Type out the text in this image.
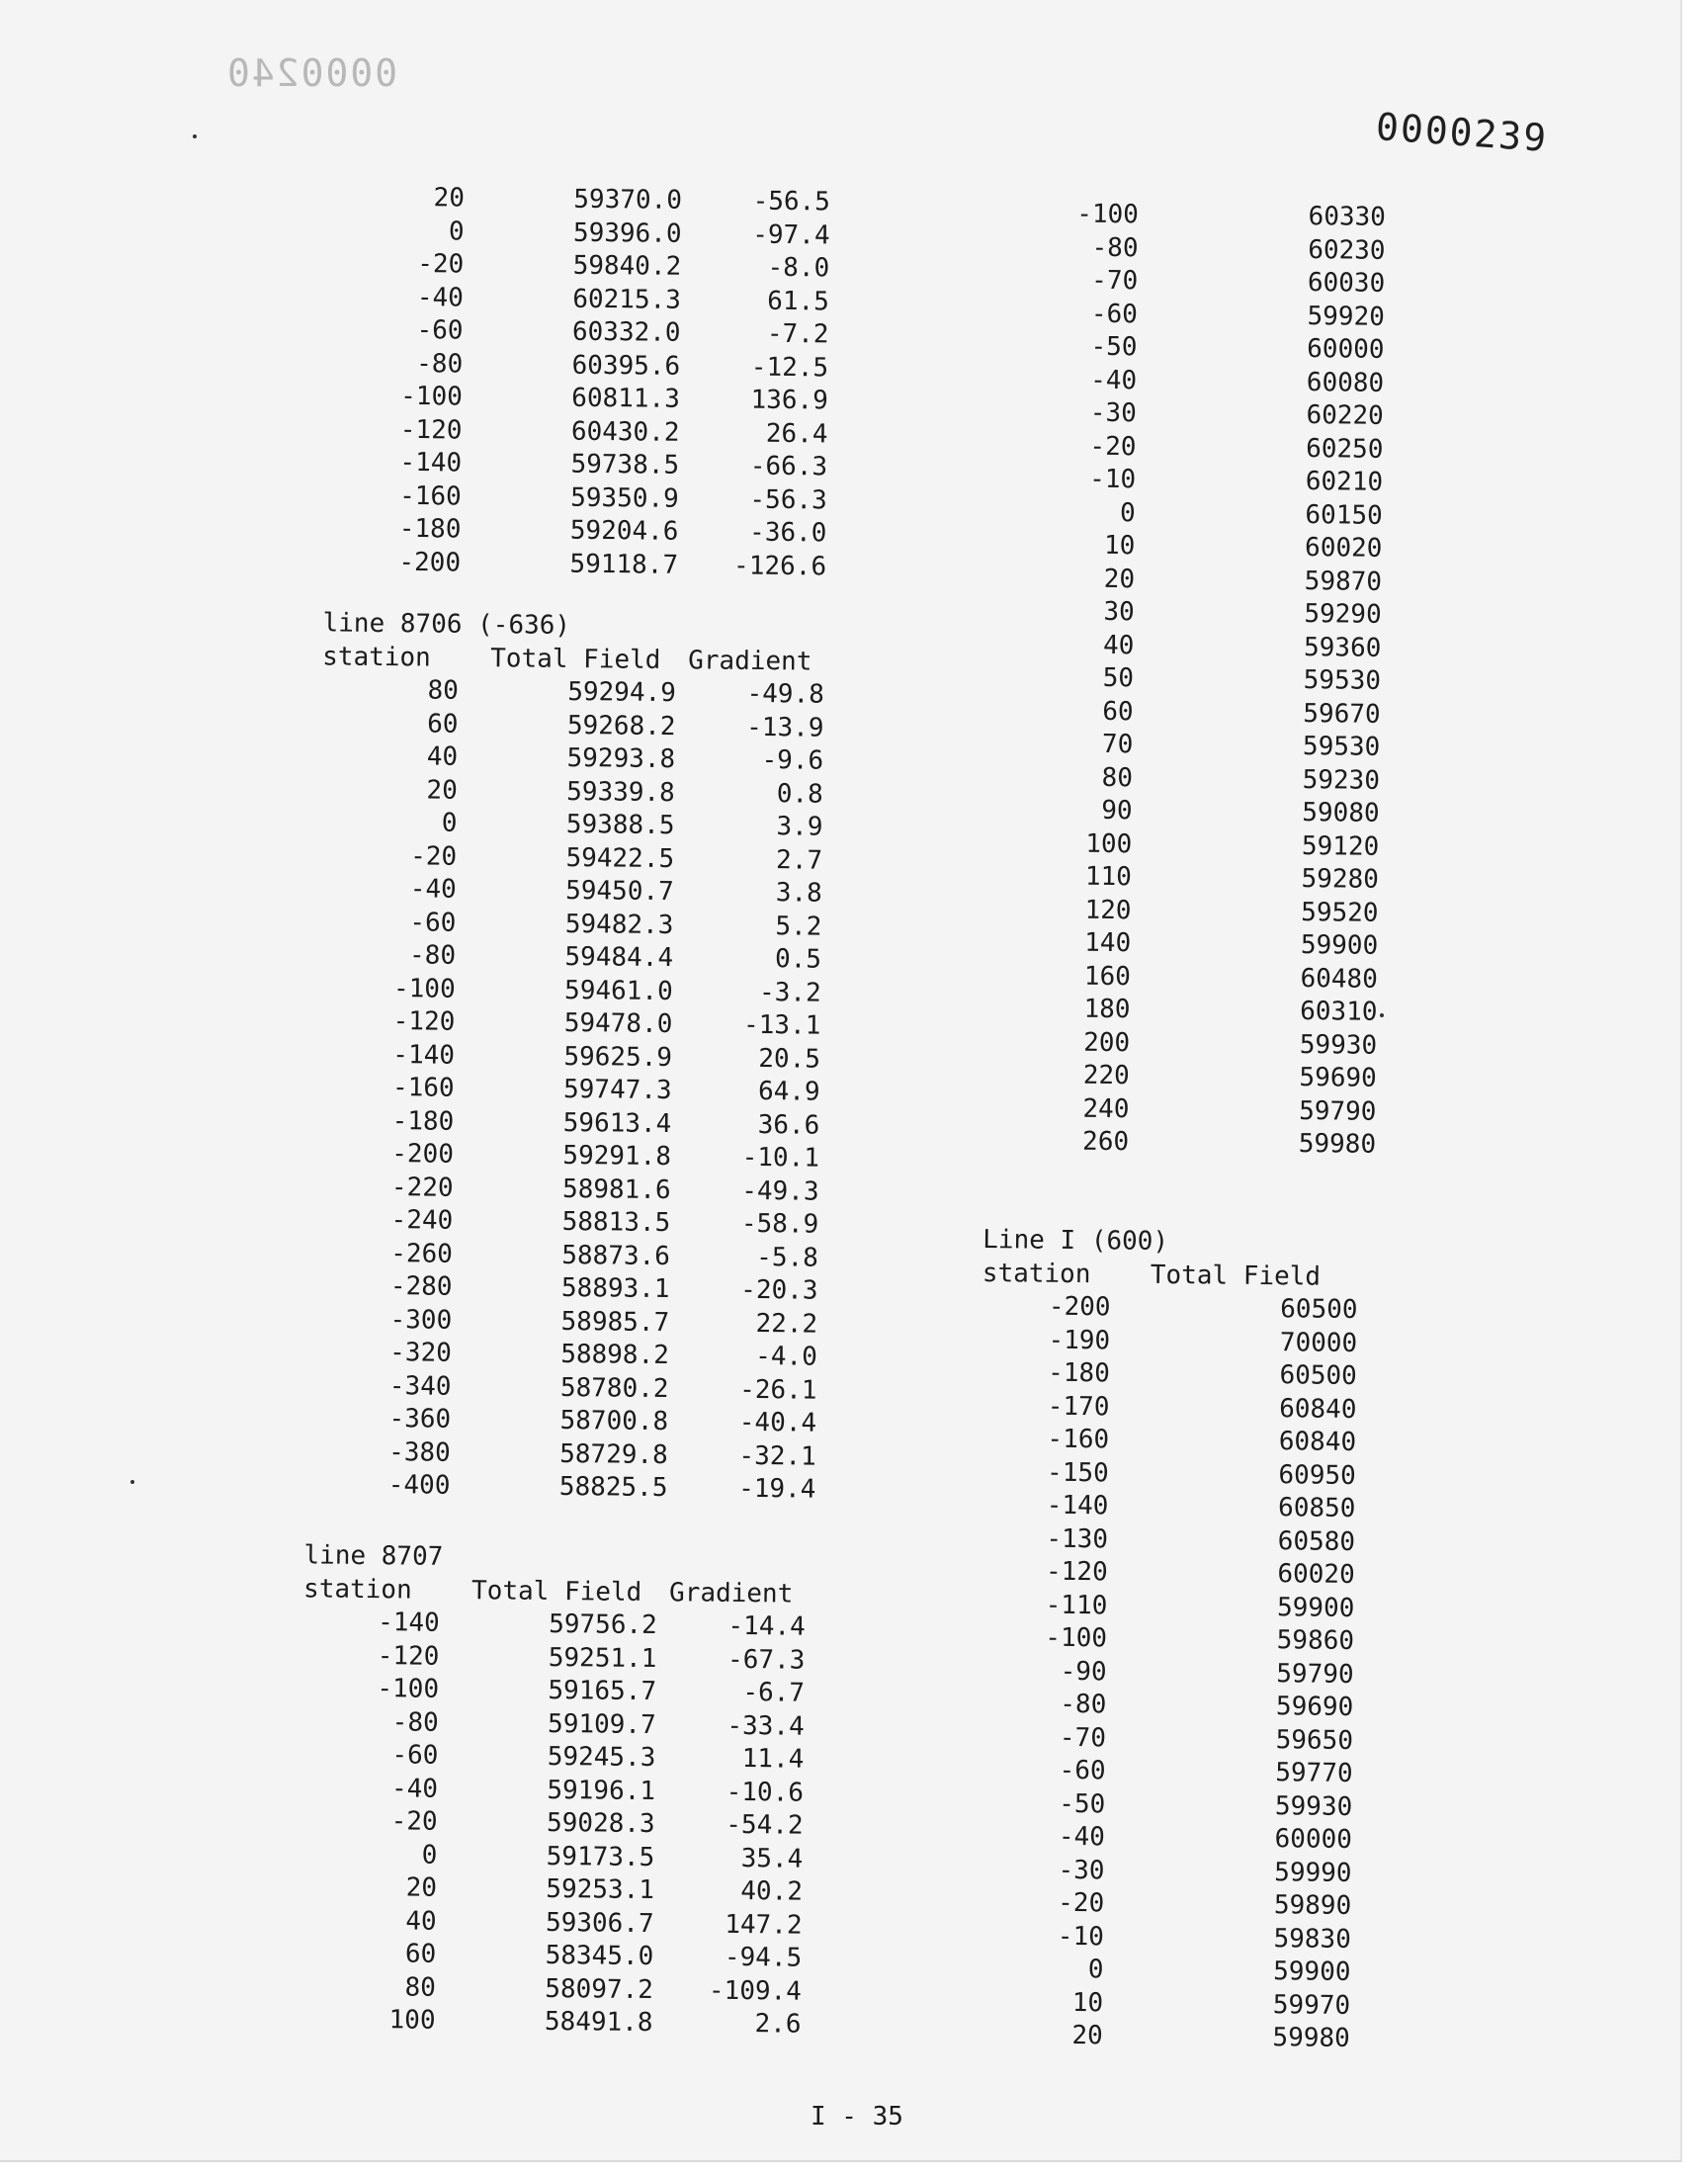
0000240
0000239
20	59370.0	-56.5
0	59396.0	-97.4
-20	59840.2	-8.0
-40	60215.3	61.5
-60	60332.0	-7.2
-80	60395.6	-12.5
-100	60811.3	136.9
-120	60430.2	26.4
-140	59738.5	-66.3
-160	59350.9	-56.3
-180	59204.6	-36.0
-200	59118.7	-126.6
line 8706 (-636)
station	Total Field	Gradient
80	59294.9	-49.8
60	59268.2	-13.9
40	59293.8	-9.6
20	59339.8	0.8
0	59388.5	3.9
-20	59422.5	2.7
-40	59450.7	3.8
-60	59482.3	5.2
-80	59484.4	0.5
-100	59461.0	-3.2
-120	59478.0	-13.1
-140	59625.9	20.5
-160	59747.3	64.9
-180	59613.4	36.6
-200	59291.8	-10.1
-220	58981.6	-49.3
-240	58813.5	-58.9
-260	58873.6	-5.8
-280	58893.1	-20.3
-300	58985.7	22.2
-320	58898.2	-4.0
-340	58780.2	-26.1
-360	58700.8	-40.4
-380	58729.8	-32.1
-400	58825.5	-19.4
line 8707
station	Total Field	Gradient
-140	59756.2	-14.4
-120	59251.1	-67.3
-100	59165.7	-6.7
-80	59109.7	-33.4
-60	59245.3	11.4
-40	59196.1	-10.6
-20	59028.3	-54.2
0	59173.5	35.4
20	59253.1	40.2
40	59306.7	147.2
60	58345.0	-94.5
80	58097.2	-109.4
100	58491.8	2.6
-100	60330
-80	60230
-70	60030
-60	59920
-50	60000
-40	60080
-30	60220
-20	60250
-10	60210
0	60150
10	60020
20	59870
30	59290
40	59360
50	59530
60	59670
70	59530
80	59230
90	59080
100	59120
110	59280
120	59520
140	59900
160	60480
180	60310
200	59930
220	59690
240	59790
260	59980
Line I (600)
station	Total Field
-200	60500
-190	70000
-180	60500
-170	60840
-160	60840
-150	60950
-140	60850
-130	60580
-120	60020
-110	59900
-100	59860
-90	59790
-80	59690
-70	59650
-60	59770
-50	59930
-40	60000
-30	59990
-20	59890
-10	59830
0	59900
10	59970
20	59980
I - 35
